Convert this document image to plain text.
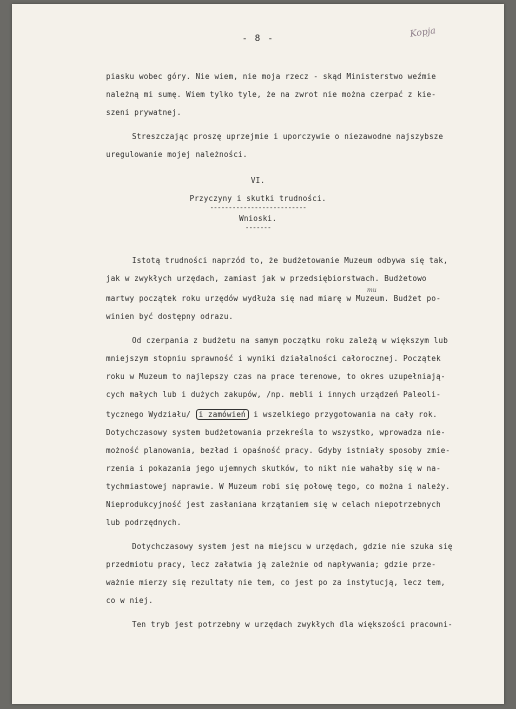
- 8 -	Kopja
piasku wobec góry. Nie wiem, nie moja rzecz - skąd Ministerstwo weźmie
należną mi sumę. Wiem tylko tyle, że na zwrot nie można czerpać z kie-
szeni prywatnej.
Streszczając proszę uprzejmie i uporczywie o niezawodne najszybsze
uregulowanie mojej należności.
VI.
Przyczyny i skutki trudności.
--------------------------
Wnioski.
-------
Istotą trudności naprzód to, że budżetowanie Muzeum odbywa się tak,
jak w zwykłych urzędach, zamiast jak w przedsiębiorstwach. Budżetowo
mu
martwy początek roku urzędów wydłuża się nad miarę w Muzeum. Budżet po-
winien być dostępny odrazu.
Od czerpania z budżetu na samym początku roku zależą w większym lub
mniejszym stopniu sprawność i wyniki działalności całorocznej. Początek
roku w Muzeum to najlepszy czas na prace terenowe, to okres uzupełniają-
cych małych lub i dużych zakupów, /np. mebli i innych urządzeń Paleoli-
tycznego Wydziału/ i zamówień i wszelkiego przygotowania na cały rok.
Dotychczasowy system budżetowania przekreśla to wszystko, wprowadza nie-
możność planowania, bezład i opaśność pracy. Gdyby istniały sposoby zmie-
rzenia i pokazania jego ujemnych skutków, to nikt nie wahałby się w na-
tychmiastowej naprawie. W Muzeum robi się połowę tego, co można i należy.
Nieprodukcyjność jest zasłaniana krzątaniem się w celach niepotrzebnych
lub podrzędnych.
Dotychczasowy system jest na miejscu w urzędach, gdzie nie szuka się
przedmiotu pracy, lecz załatwia ją zależnie od napływania; gdzie prze-
ważnie mierzy się rezultaty nie tem, co jest po za instytucją, lecz tem,
co w niej.
Ten tryb jest potrzebny w urzędach zwykłych dla większości pracowni-
